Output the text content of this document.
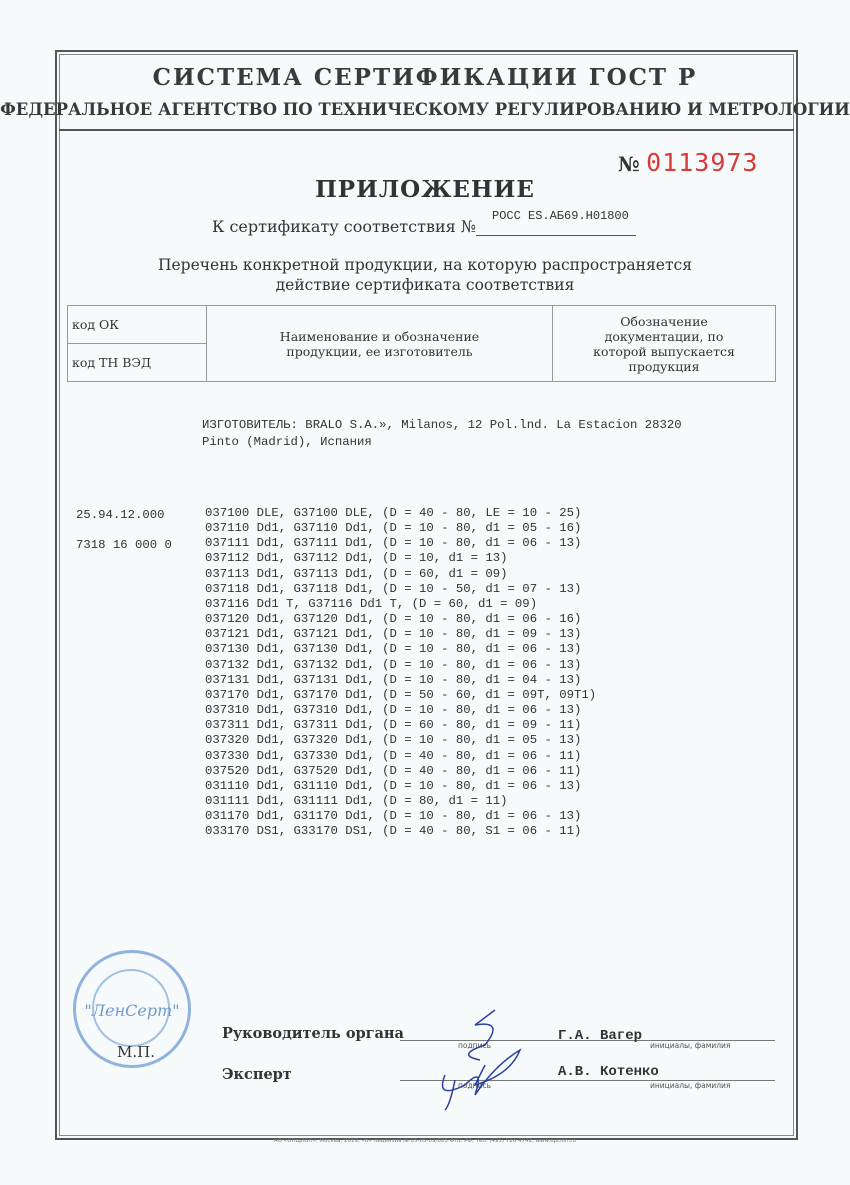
СИСТЕМА СЕРТИФИКАЦИИ ГОСТ Р
ФЕДЕРАЛЬНОЕ АГЕНТСТВО ПО ТЕХНИЧЕСКОМУ РЕГУЛИРОВАНИЮ И МЕТРОЛОГИИ
№ 0113973
ПРИЛОЖЕНИЕ
К сертификату соответствия №
РОСС ES.АБ69.Н01800
Перечень конкретной продукции, на которую распространяется
действие сертификата соответствия
код ОК	Наименование и обозначение продукции, ее изготовитель	Обозначение документации, по которой выпускается продукция
код ТН ВЭД
ИЗГОТОВИТЕЛЬ: BRALO S.A.», Milanos, 12 Pol.lnd. La Estacion 28320
Pinto (Madrid), Испания
25.94.12.000

7318 16 000 0
037100 DLE, G37100 DLE, (D = 40 - 80, LE = 10 - 25)
037110 Dd1, G37110 Dd1, (D = 10 - 80, d1 = 05 - 16)
037111 Dd1, G37111 Dd1, (D = 10 - 80, d1 = 06 - 13)
037112 Dd1, G37112 Dd1, (D = 10, d1 = 13)
037113 Dd1, G37113 Dd1, (D = 60, d1 = 09)
037118 Dd1, G37118 Dd1, (D = 10 - 50, d1 = 07 - 13)
037116 Dd1 T, G37116 Dd1 T, (D = 60, d1 = 09)
037120 Dd1, G37120 Dd1, (D = 10 - 80, d1 = 06 - 16)
037121 Dd1, G37121 Dd1, (D = 10 - 80, d1 = 09 - 13)
037130 Dd1, G37130 Dd1, (D = 10 - 80, d1 = 06 - 13)
037132 Dd1, G37132 Dd1, (D = 10 - 80, d1 = 06 - 13)
037131 Dd1, G37131 Dd1, (D = 10 - 80, d1 = 04 - 13)
037170 Dd1, G37170 Dd1, (D = 50 - 60, d1 = 09T, 09T1)
037310 Dd1, G37310 Dd1, (D = 10 - 80, d1 = 06 - 13)
037311 Dd1, G37311 Dd1, (D = 60 - 80, d1 = 09 - 11)
037320 Dd1, G37320 Dd1, (D = 10 - 80, d1 = 05 - 13)
037330 Dd1, G37330 Dd1, (D = 40 - 80, d1 = 06 - 11)
037520 Dd1, G37520 Dd1, (D = 40 - 80, d1 = 06 - 11)
031110 Dd1, G31110 Dd1, (D = 10 - 80, d1 = 06 - 13)
031111 Dd1, G31111 Dd1, (D = 80, d1 = 11)
031170 Dd1, G31170 Dd1, (D = 10 - 80, d1 = 06 - 13)
033170 DS1, G33170 DS1, (D = 40 - 80, S1 = 06 - 11)
"ЛенСерт"
М.П.
Руководитель органа
подпись
Г.А. Вагер
инициалы, фамилия
Эксперт
подпись
А.В. Котенко
инициалы, фамилия
АО «ОПЦИОН», Москва, 2019, «Б» лицензия № 05-05-09/003 ФНС РФ, тел. (495) 726 4742, www.opcion.ru
